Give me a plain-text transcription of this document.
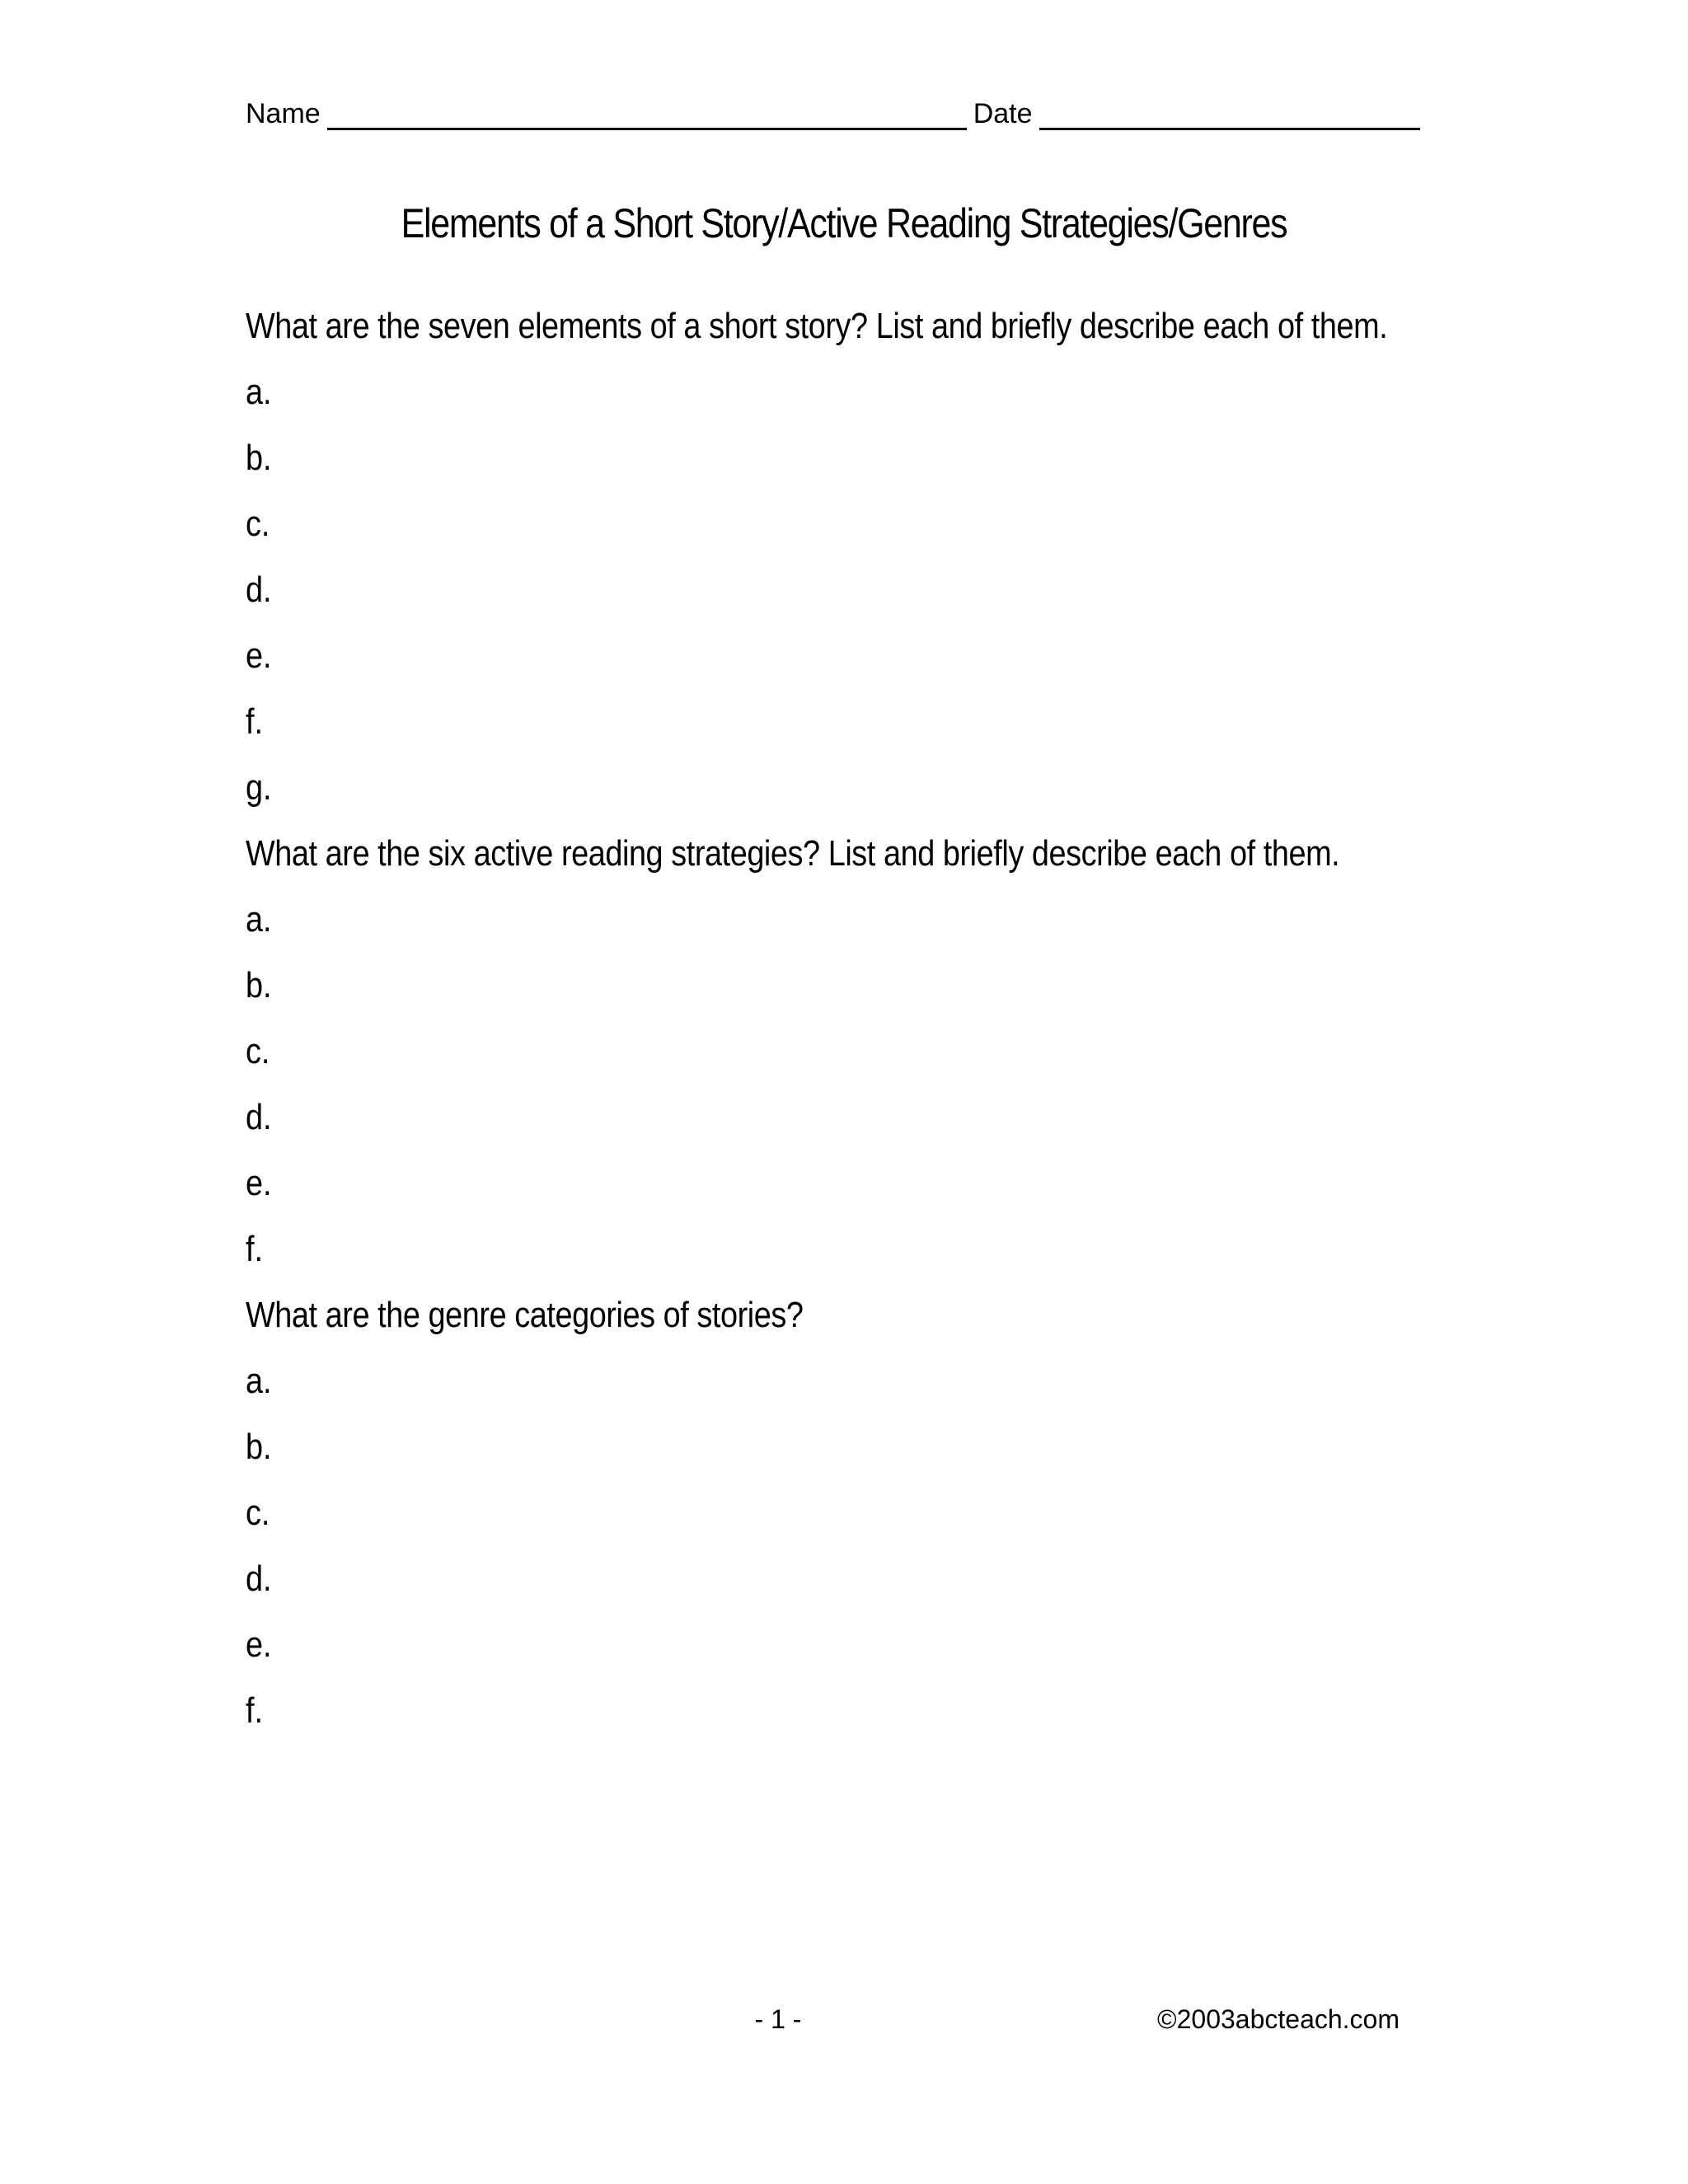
Name	Date
Elements of a Short Story/Active Reading Strategies/Genres
What are the seven elements of a short story? List and briefly describe each of them.
a.
b.
c.
d.
e.
f.
g.
What are the six active reading strategies? List and briefly describe each of them.
a.
b.
c.
d.
e.
f.
What are the genre categories of stories?
a.
b.
c.
d.
e.
f.
- 1 -	©2003abcteach.com
